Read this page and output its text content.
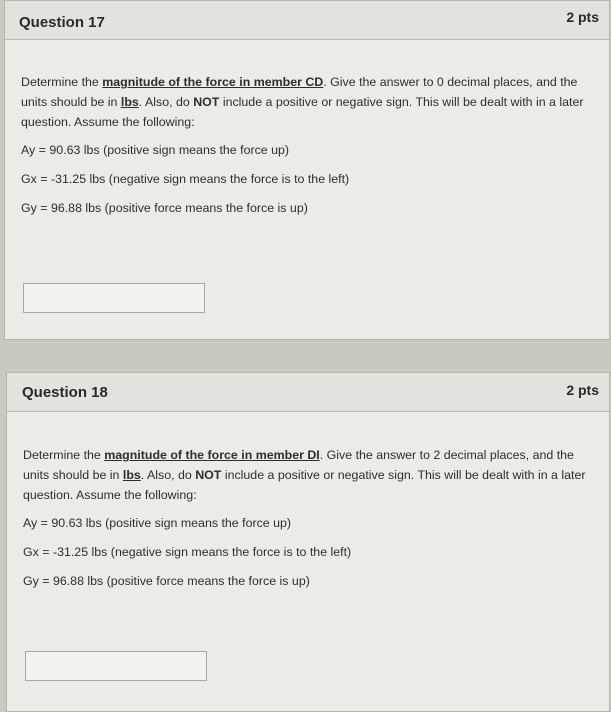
Question 17	2 pts

Determine the magnitude of the force in member CD. Give the answer to 0 decimal places, and the units should be in lbs. Also, do NOT include a positive or negative sign. This will be dealt with in a later question. Assume the following:

Ay = 90.63 lbs (positive sign means the force up)

Gx = -31.25 lbs (negative sign means the force is to the left)

Gy = 96.88 lbs (positive force means the force is up)

Question 18	2 pts

Determine the magnitude of the force in member DI. Give the answer to 2 decimal places, and the units should be in lbs. Also, do NOT include a positive or negative sign. This will be dealt with in a later question. Assume the following:

Ay = 90.63 lbs (positive sign means the force up)

Gx = -31.25 lbs (negative sign means the force is to the left)

Gy = 96.88 lbs (positive force means the force is up)
